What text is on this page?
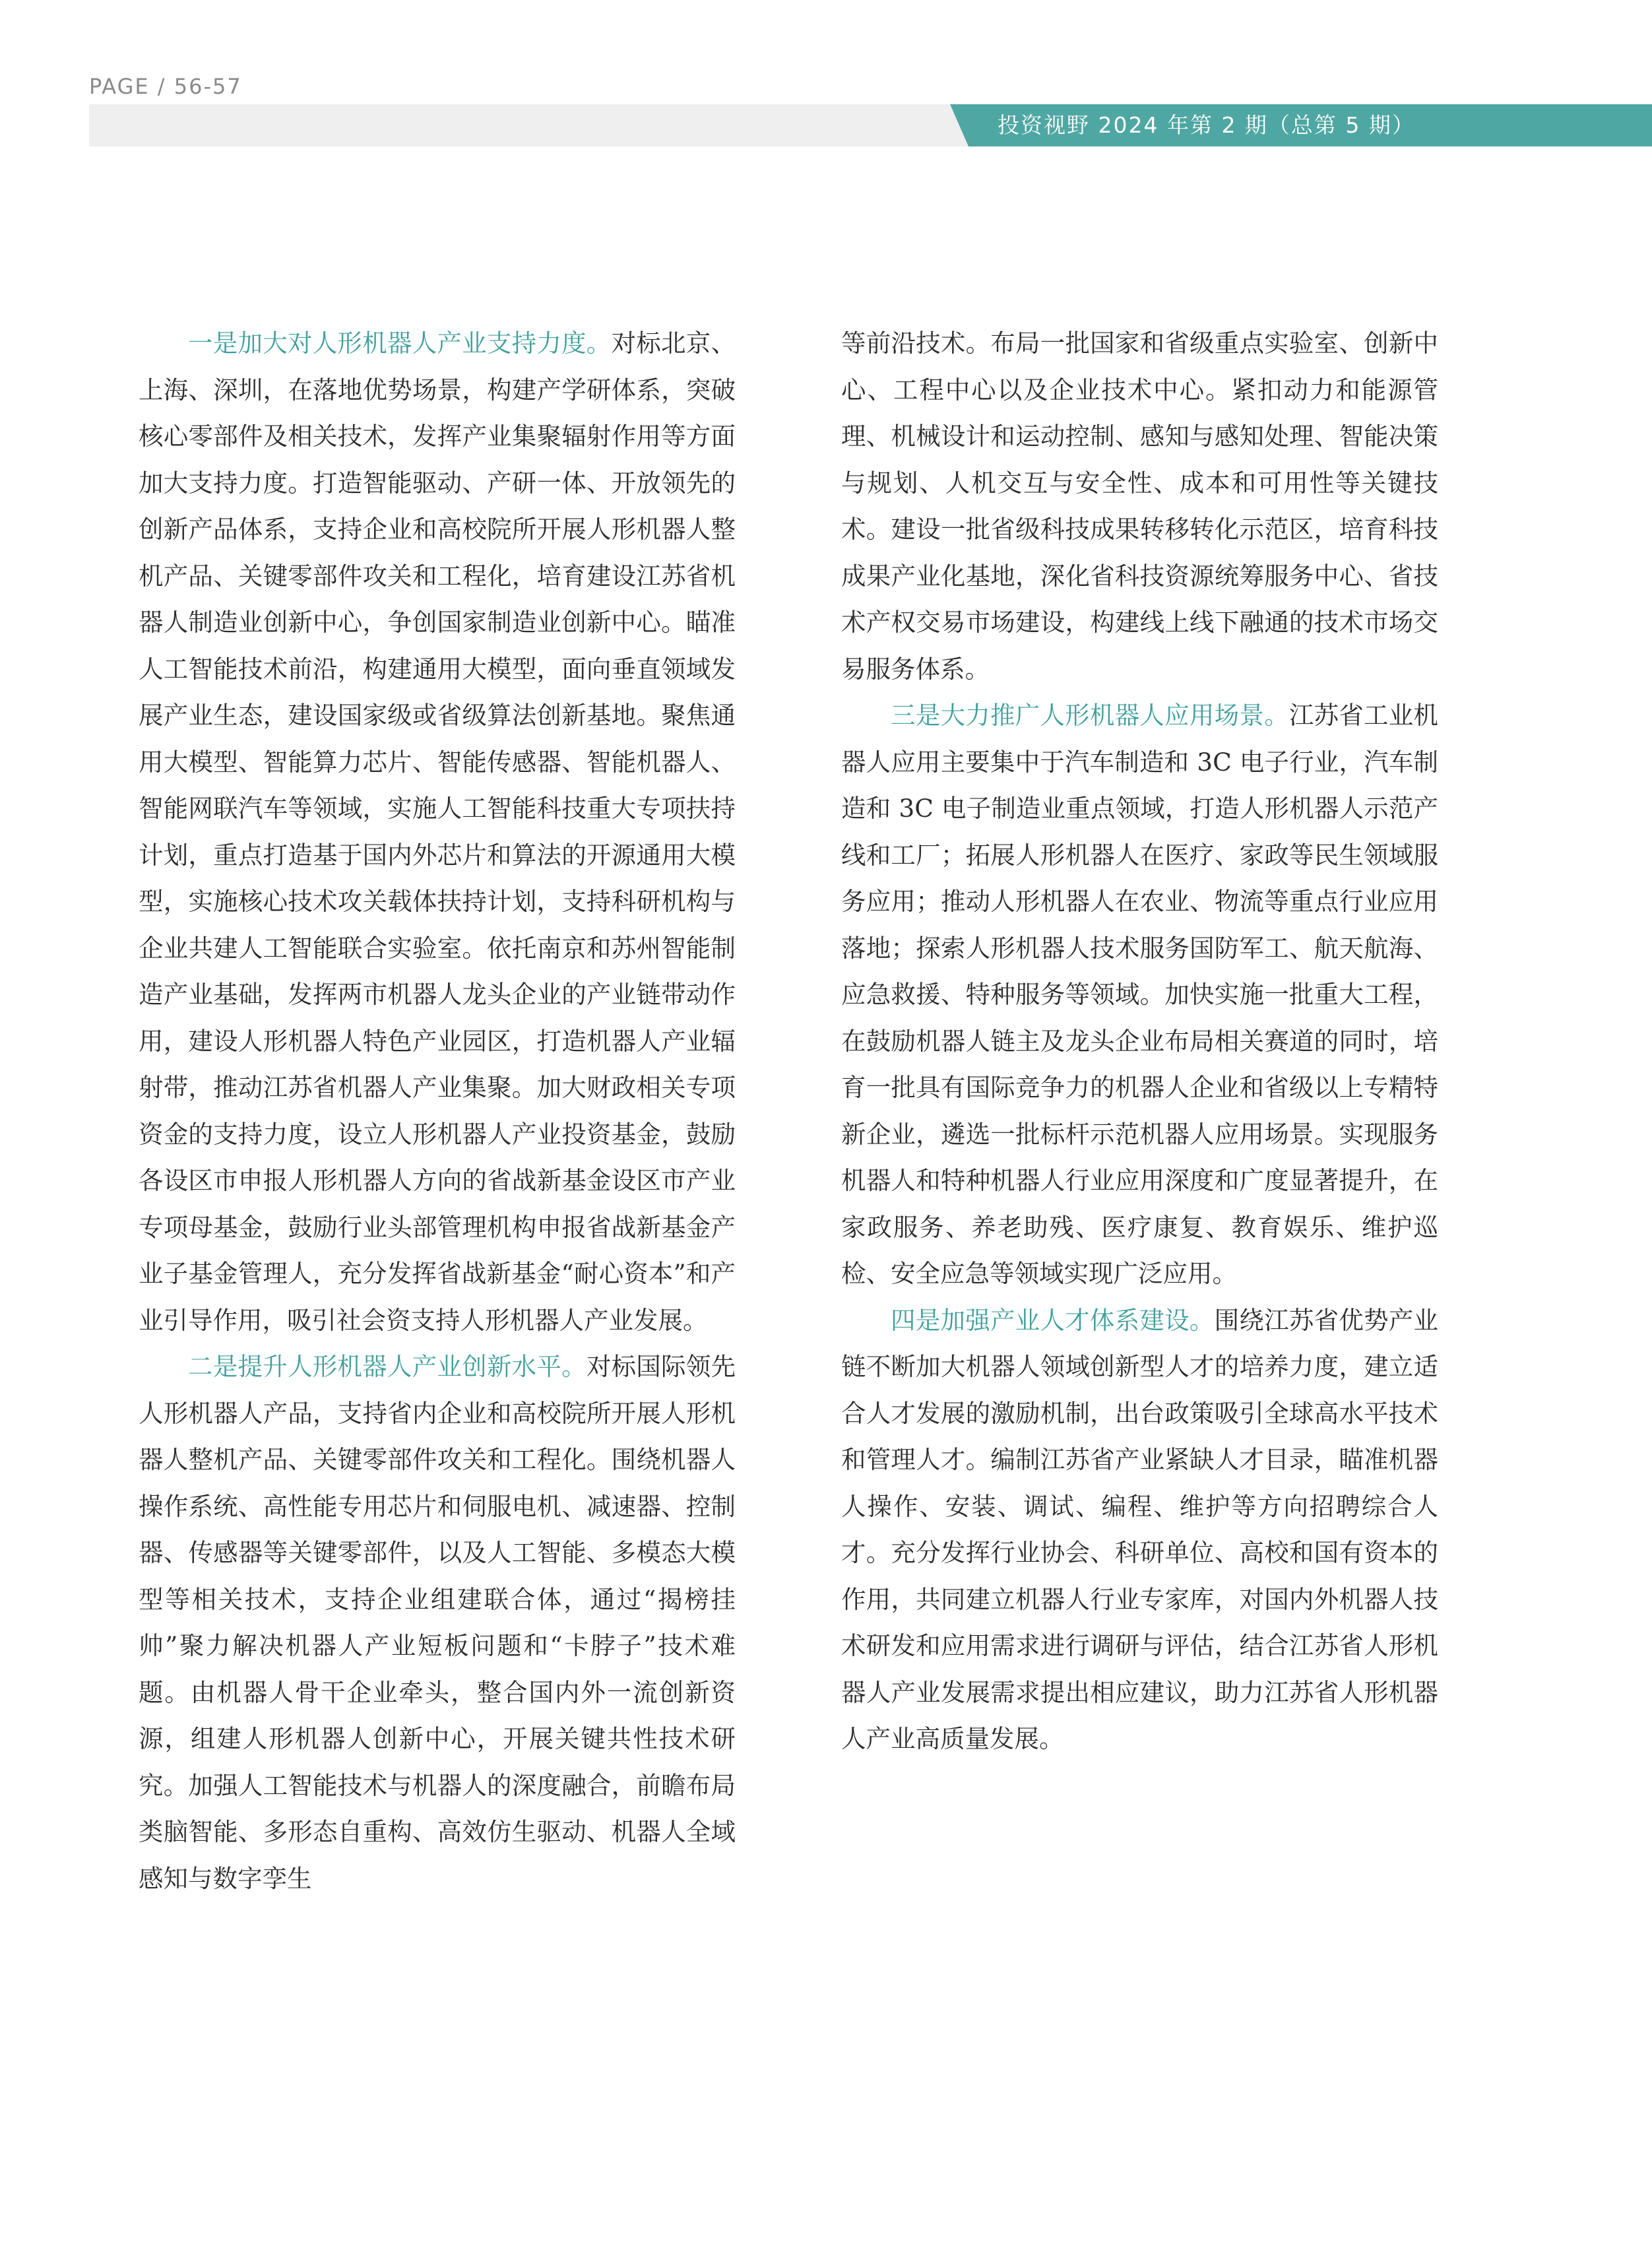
PAGE / 56-57

投资视野 2024 年第 2 期（总第 5 期）

一是加大对人形机器人产业支持力度。对标北京、上海、深圳，在落地优势场景，构建产学研体系，突破核心零部件及相关技术，发挥产业集聚辐射作用等方面加大支持力度。打造智能驱动、产研一体、开放领先的创新产品体系，支持企业和高校院所开展人形机器人整机产品、关键零部件攻关和工程化，培育建设江苏省机器人制造业创新中心，争创国家制造业创新中心。瞄准人工智能技术前沿，构建通用大模型，面向垂直领域发展产业生态，建设国家级或省级算法创新基地。聚焦通用大模型、智能算力芯片、智能传感器、智能机器人、智能网联汽车等领域，实施人工智能科技重大专项扶持计划，重点打造基于国内外芯片和算法的开源通用大模型，实施核心技术攻关载体扶持计划，支持科研机构与企业共建人工智能联合实验室。依托南京和苏州智能制造产业基础，发挥两市机器人龙头企业的产业链带动作用，建设人形机器人特色产业园区，打造机器人产业辐射带，推动江苏省机器人产业集聚。加大财政相关专项资金的支持力度，设立人形机器人产业投资基金，鼓励各设区市申报人形机器人方向的省战新基金设区市产业专项母基金，鼓励行业头部管理机构申报省战新基金产业子基金管理人，充分发挥省战新基金“耐心资本”和产业引导作用，吸引社会资支持人形机器人产业发展。

二是提升人形机器人产业创新水平。对标国际领先人形机器人产品，支持省内企业和高校院所开展人形机器人整机产品、关键零部件攻关和工程化。围绕机器人操作系统、高性能专用芯片和伺服电机、减速器、控制器、传感器等关键零部件，以及人工智能、多模态大模型等相关技术，支持企业组建联合体，通过“揭榜挂帅”聚力解决机器人产业短板问题和“卡脖子”技术难题。由机器人骨干企业牵头，整合国内外一流创新资源，组建人形机器人创新中心，开展关键共性技术研究。加强人工智能技术与机器人的深度融合，前瞻布局类脑智能、多形态自重构、高效仿生驱动、机器人全域感知与数字孪生

等前沿技术。布局一批国家和省级重点实验室、创新中心、工程中心以及企业技术中心。紧扣动力和能源管理、机械设计和运动控制、感知与感知处理、智能决策与规划、人机交互与安全性、成本和可用性等关键技术。建设一批省级科技成果转移转化示范区，培育科技成果产业化基地，深化省科技资源统筹服务中心、省技术产权交易市场建设，构建线上线下融通的技术市场交易服务体系。

三是大力推广人形机器人应用场景。江苏省工业机器人应用主要集中于汽车制造和 3C 电子行业，汽车制造和 3C 电子制造业重点领域，打造人形机器人示范产线和工厂；拓展人形机器人在医疗、家政等民生领域服务应用；推动人形机器人在农业、物流等重点行业应用落地；探索人形机器人技术服务国防军工、航天航海、应急救援、特种服务等领域。加快实施一批重大工程，在鼓励机器人链主及龙头企业布局相关赛道的同时，培育一批具有国际竞争力的机器人企业和省级以上专精特新企业，遴选一批标杆示范机器人应用场景。实现服务机器人和特种机器人行业应用深度和广度显著提升，在家政服务、养老助残、医疗康复、教育娱乐、维护巡检、安全应急等领域实现广泛应用。

四是加强产业人才体系建设。围绕江苏省优势产业链不断加大机器人领域创新型人才的培养力度，建立适合人才发展的激励机制，出台政策吸引全球高水平技术和管理人才。编制江苏省产业紧缺人才目录，瞄准机器人操作、安装、调试、编程、维护等方向招聘综合人才。充分发挥行业协会、科研单位、高校和国有资本的作用，共同建立机器人行业专家库，对国内外机器人技术研发和应用需求进行调研与评估，结合江苏省人形机器人产业发展需求提出相应建议，助力江苏省人形机器人产业高质量发展。
